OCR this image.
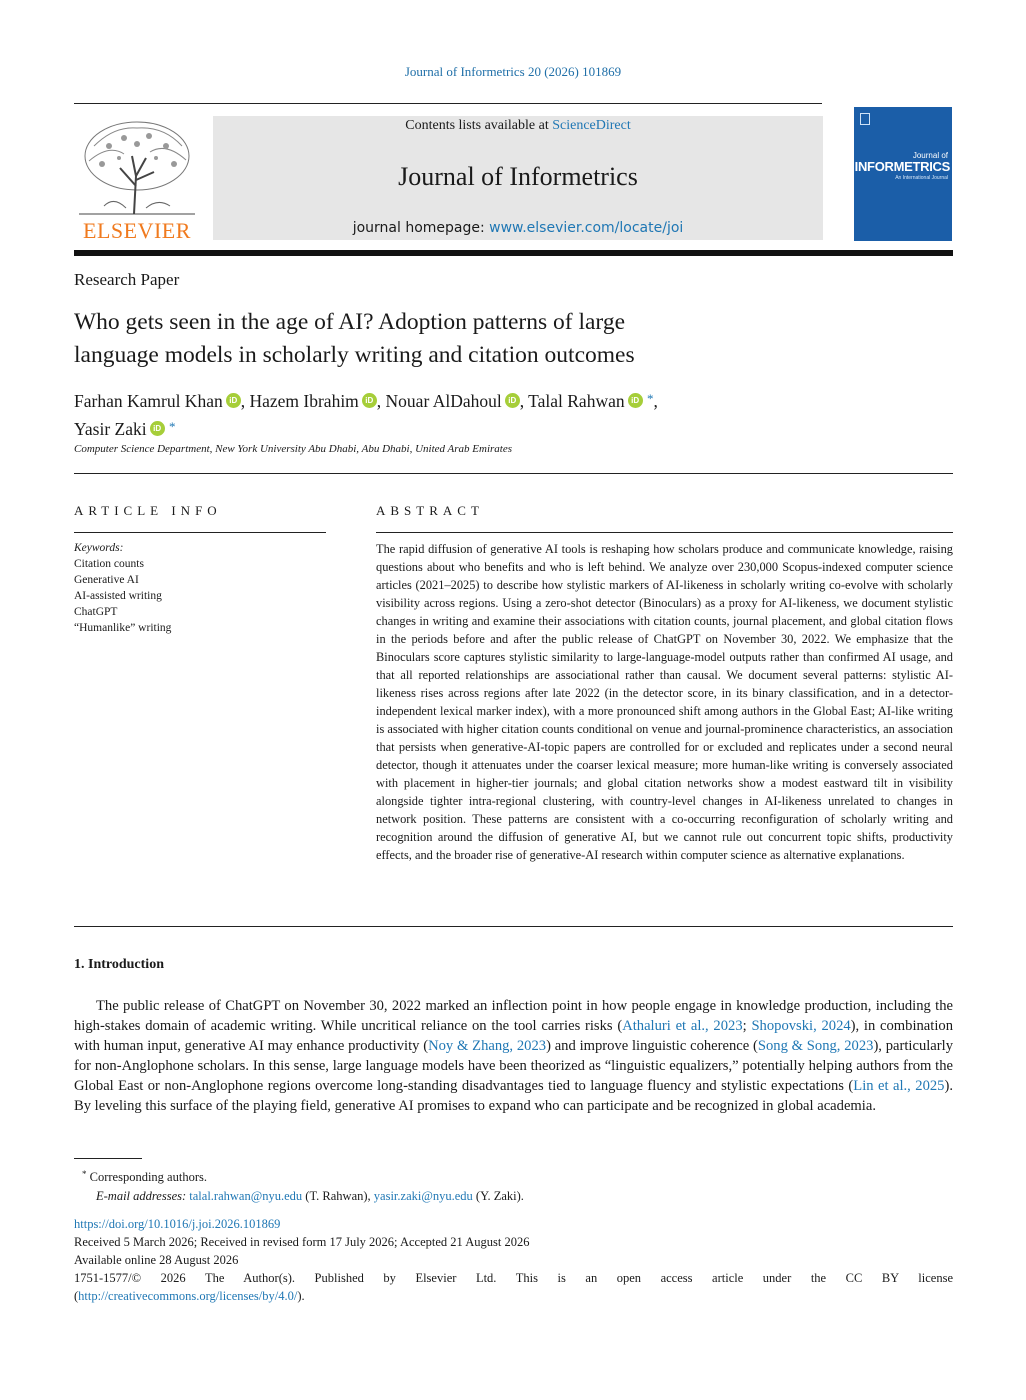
Journal of Informetrics 20 (2026) 101869
ELSEVIER
Contents lists available at ScienceDirect
Journal of Informetrics
journal homepage: www.elsevier.com/locate/joi
Journal of
INFORMETRICS
An International Journal
Research Paper
Who gets seen in the age of AI? Adoption patterns of large
language models in scholarly writing and citation outcomes
Farhan Kamrul Khan iD , Hazem Ibrahim iD , Nouar AlDahoul iD , Talal Rahwan iD *,
Yasir Zaki iD *
Computer Science Department, New York University Abu Dhabi, Abu Dhabi, United Arab Emirates
ARTICLE INFO
Keywords:
Citation counts
Generative AI
AI-assisted writing
ChatGPT
“Humanlike” writing
ABSTRACT
The rapid diffusion of generative AI tools is reshaping how scholars produce and communicate knowledge, raising questions about who benefits and who is left behind. We analyze over 230,000 Scopus-indexed computer science articles (2021–2025) to describe how stylistic markers of AI-likeness in scholarly writing co-evolve with scholarly visibility across regions. Using a zero-shot detector (Binoculars) as a proxy for AI-likeness, we document stylistic changes in writing and examine their associations with citation counts, journal placement, and global citation flows in the periods before and after the public release of ChatGPT on November 30, 2022. We emphasize that the Binoculars score captures stylistic similarity to large-language-model outputs rather than confirmed AI usage, and that all reported relationships are associational rather than causal. We document several patterns: stylistic AI-likeness rises across regions after late 2022 (in the detector score, in its binary classification, and in a detector-independent lexical marker index), with a more pronounced shift among authors in the Global East; AI-like writing is associated with higher citation counts conditional on venue and journal-prominence characteristics, an association that persists when generative-AI-topic papers are controlled for or excluded and replicates under a second neural detector, though it attenuates under the coarser lexical measure; more human-like writing is conversely associated with placement in higher-tier journals; and global citation networks show a modest eastward tilt in visibility alongside tighter intra-regional clustering, with country-level changes in AI-likeness unrelated to changes in network position. These patterns are consistent with a co-occurring reconfiguration of scholarly writing and recognition around the diffusion of generative AI, but we cannot rule out concurrent topic shifts, productivity effects, and the broader rise of generative-AI research within computer science as alternative explanations.
1. Introduction
The public release of ChatGPT on November 30, 2022 marked an inflection point in how people engage in knowledge production, including the high-stakes domain of academic writing. While uncritical reliance on the tool carries risks (Athaluri et al., 2023; Shopovski, 2024), in combination with human input, generative AI may enhance productivity (Noy & Zhang, 2023) and improve linguistic coherence (Song & Song, 2023), particularly for non-Anglophone scholars. In this sense, large language models have been theorized as “linguistic equalizers,” potentially helping authors from the Global East or non-Anglophone regions overcome long-standing disadvantages tied to language fluency and stylistic expectations (Lin et al., 2025). By leveling this surface of the playing field, generative AI promises to expand who can participate and be recognized in global academia.
* Corresponding authors.
E-mail addresses: talal.rahwan@nyu.edu (T. Rahwan), yasir.zaki@nyu.edu (Y. Zaki).
https://doi.org/10.1016/j.joi.2026.101869
Received 5 March 2026; Received in revised form 17 July 2026; Accepted 21 August 2026
Available online 28 August 2026
1751-1577/© 2026 The Author(s). Published by Elsevier Ltd. This is an open access article under the CC BY license
(http://creativecommons.org/licenses/by/4.0/).
